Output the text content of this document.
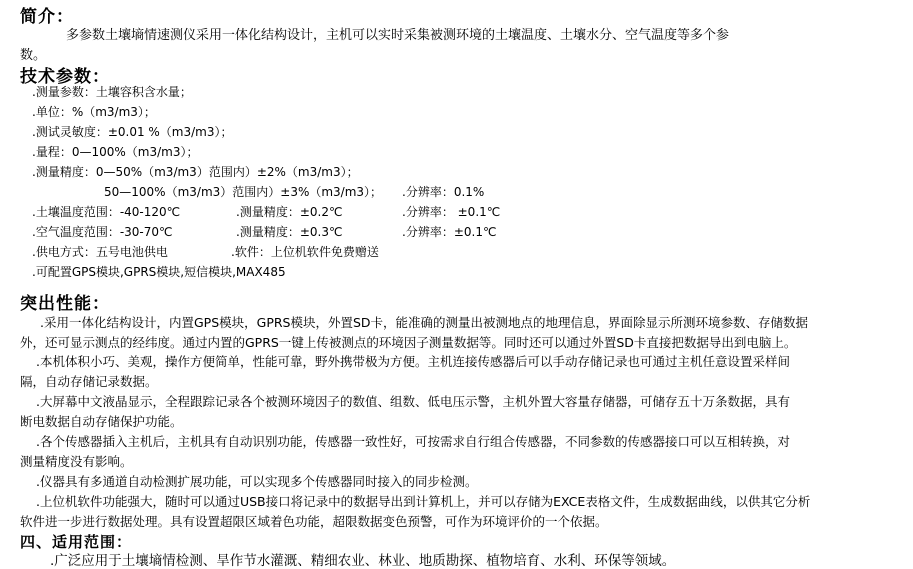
简介：
多参数土壤墒情速测仪采用一体化结构设计，主机可以实时采集被测环境的土壤温度、土壤水分、空气温度等多个参
数。
技术参数：
.测量参数：土壤容积含水量；
.单位：%（m3/m3）；
.测试灵敏度：±0.01 %（m3/m3）；
.量程：0—100%（m3/m3）；
.测量精度：0—50%（m3/m3）范围内）±2%（m3/m3）；
50—100%（m3/m3）范围内）±3%（m3/m3）； .分辨率：0.1%
.土壤温度范围：-40-120℃	.测量精度：±0.2℃	.分辨率： ±0.1℃
.空气温度范围：-30-70℃	.测量精度：±0.3℃	.分辨率：±0.1℃
.供电方式：五号电池供电	.软件：上位机软件免费赠送
.可配置GPS模块,GPRS模块,短信模块,MAX485
突出性能：
.采用一体化结构设计，内置GPS模块，GPRS模块，外置SD卡，能准确的测量出被测地点的地理信息，界面除显示所测环境参数、存储数据
外，还可显示测点的经纬度。通过内置的GPRS一键上传被测点的环境因子测量数据等。同时还可以通过外置SD卡直接把数据导出到电脑上。
.本机体积小巧、美观，操作方便简单，性能可靠，野外携带极为方便。主机连接传感器后可以手动存储记录也可通过主机任意设置采样间
隔，自动存储记录数据。
.大屏幕中文液晶显示，全程跟踪记录各个被测环境因子的数值、组数、低电压示警，主机外置大容量存储器，可储存五十万条数据，具有
断电数据自动存储保护功能。
.各个传感器插入主机后，主机具有自动识别功能，传感器一致性好，可按需求自行组合传感器，不同参数的传感器接口可以互相转换，对
测量精度没有影响。
.仪器具有多通道自动检测扩展功能，可以实现多个传感器同时接入的同步检测。
.上位机软件功能强大，随时可以通过USB接口将记录中的数据导出到计算机上，并可以存储为EXCE表格文件，生成数据曲线，以供其它分析
软件进一步进行数据处理。具有设置超限区域着色功能，超限数据变色预警，可作为环境评价的一个依据。
四、适用范围：
.广泛应用于土壤墒情检测、旱作节水灌溉、精细农业、林业、地质勘探、植物培育、水利、环保等领域。
